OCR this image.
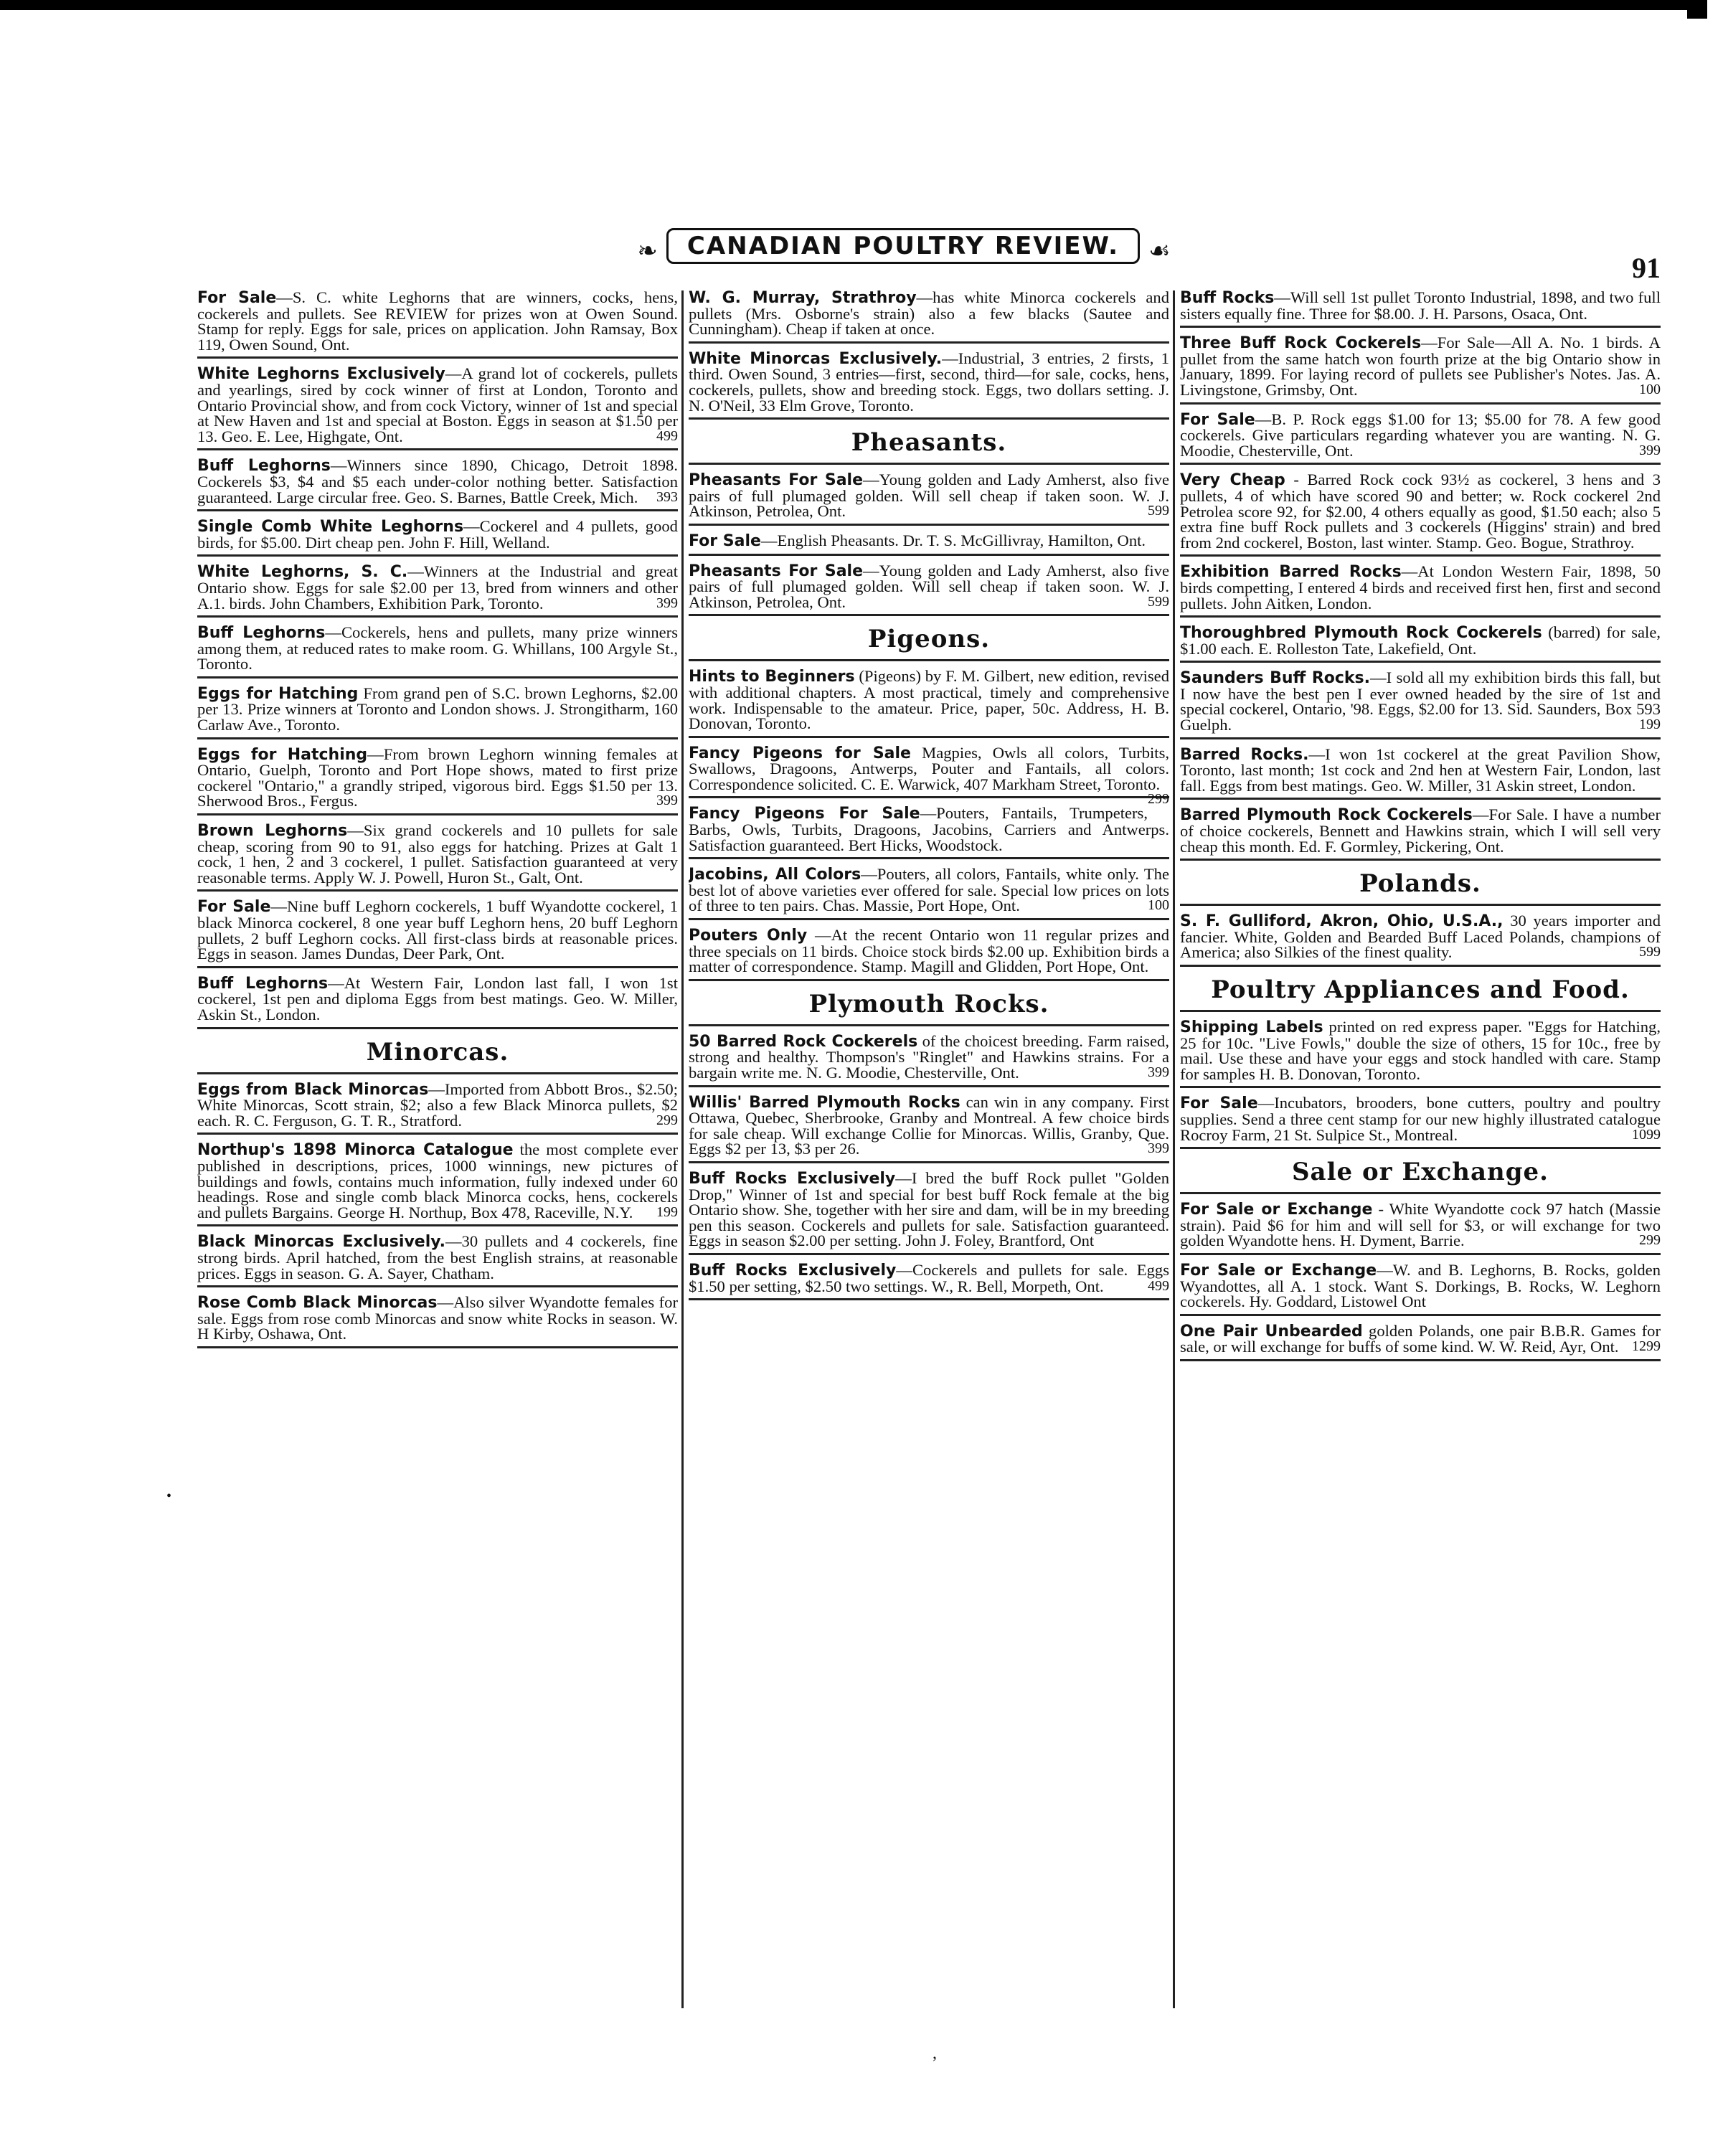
❧ CANADIAN POULTRY REVIEW. ☙
91
For Sale—S. C. white Leghorns that are winners, cocks, hens, cockerels and pullets. See REVIEW for prizes won at Owen Sound. Stamp for reply. Eggs for sale, prices on application. John Ramsay, Box 119, Owen Sound, Ont.
White Leghorns Exclusively—A grand lot of cockerels, pullets and yearlings, sired by cock winner of first at London, Toronto and Ontario Provincial show, and from cock Victory, winner of 1st and special at New Haven and 1st and special at Boston. Eggs in season at $1.50 per 13. Geo. E. Lee, Highgate, Ont.	499
Buff Leghorns—Winners since 1890, Chicago, Detroit 1898. Cockerels $3, $4 and $5 each under-color nothing better. Satisfaction guaranteed. Large circular free. Geo. S. Barnes, Battle Creek, Mich. 393
Single Comb White Leghorns—Cockerel and 4 pullets, good birds, for $5.00. Dirt cheap pen. John F. Hill, Welland.
White Leghorns, S. C.—Winners at the Industrial and great Ontario show. Eggs for sale $2.00 per 13, bred from winners and other A.1. birds. John Chambers, Exhibition Park, Toronto.	399
Buff Leghorns—Cockerels, hens and pullets, many prize winners among them, at reduced rates to make room. G. Whillans, 100 Argyle St., Toronto.
Eggs for Hatching From grand pen of S.C. brown Leghorns, $2.00 per 13. Prize winners at Toronto and London shows. J. Strongitharm, 160 Carlaw Ave., Toronto.
Eggs for Hatching—From brown Leghorn winning females at Ontario, Guelph, Toronto and Port Hope shows, mated to first prize cockerel "Ontario," a grandly striped, vigorous bird. Eggs $1.50 per 13. Sherwood Bros., Fergus.	399
Brown Leghorns—Six grand cockerels and 10 pullets for sale cheap, scoring from 90 to 91, also eggs for hatching. Prizes at Galt 1 cock, 1 hen, 2 and 3 cockerel, 1 pullet. Satisfaction guaranteed at very reasonable terms. Apply W. J. Powell, Huron St., Galt, Ont.
For Sale—Nine buff Leghorn cockerels, 1 buff Wyandotte cockerel, 1 black Minorca cockerel, 8 one year buff Leghorn hens, 20 buff Leghorn pullets, 2 buff Leghorn cocks. All first-class birds at reasonable prices. Eggs in season. James Dundas, Deer Park, Ont.
Buff Leghorns—At Western Fair, London last fall, I won 1st cockerel, 1st pen and diploma Eggs from best matings. Geo. W. Miller, Askin St., London.
Minorcas.
Eggs from Black Minorcas—Imported from Abbott Bros., $2.50; White Minorcas, Scott strain, $2; also a few Black Minorca pullets, $2 each. R. C. Ferguson, G. T. R., Stratford.	299
Northup's 1898 Minorca Catalogue the most complete ever published in descriptions, prices, 1000 winnings, new pictures of buildings and fowls, contains much information, fully indexed under 60 headings. Rose and single comb black Minorca cocks, hens, cockerels and pullets Bargains. George H. Northup, Box 478, Raceville, N.Y. 199
Black Minorcas Exclusively.—30 pullets and 4 cockerels, fine strong birds. April hatched, from the best English strains, at reasonable prices. Eggs in season. G. A. Sayer, Chatham.
Rose Comb Black Minorcas—Also silver Wyandotte females for sale. Eggs from rose comb Minorcas and snow white Rocks in season. W. H Kirby, Oshawa, Ont.
W. G. Murray, Strathroy—has white Minorca cockerels and pullets (Mrs. Osborne's strain) also a few blacks (Sautee and Cunningham). Cheap if taken at once.
White Minorcas Exclusively.—Industrial, 3 entries, 2 firsts, 1 third. Owen Sound, 3 entries—first, second, third—for sale, cocks, hens, cockerels, pullets, show and breeding stock. Eggs, two dollars setting. J. N. O'Neil, 33 Elm Grove, Toronto.
Pheasants.
Pheasants For Sale—Young golden and Lady Amherst, also five pairs of full plumaged golden. Will sell cheap if taken soon. W. J. Atkinson, Petrolea, Ont.	599
For Sale—English Pheasants. Dr. T. S. McGillivray, Hamilton, Ont.
Pheasants For Sale—Young golden and Lady Amherst, also five pairs of full plumaged golden. Will sell cheap if taken soon. W. J. Atkinson, Petrolea, Ont.	599
Pigeons.
Hints to Beginners (Pigeons) by F. M. Gilbert, new edition, revised with additional chapters. A most practical, timely and comprehensive work. Indispensable to the amateur. Price, paper, 50c. Address, H. B. Donovan, Toronto.
Fancy Pigeons for Sale Magpies, Owls all colors, Turbits, Swallows, Dragoons, Antwerps, Pouter and Fantails, all colors. Correspondence solicited. C. E. Warwick, 407 Markham Street, Toronto.
299
Fancy Pigeons For Sale—Pouters, Fantails, Trumpeters, Barbs, Owls, Turbits, Dragoons, Jacobins, Carriers and Antwerps. Satisfaction guaranteed. Bert Hicks, Woodstock.
Jacobins, All Colors—Pouters, all colors, Fantails, white only. The best lot of above varieties ever offered for sale. Special low prices on lots of three to ten pairs. Chas. Massie, Port Hope, Ont.	100
Pouters Only —At the recent Ontario won 11 regular prizes and three specials on 11 birds. Choice stock birds $2.00 up. Exhibition birds a matter of correspondence. Stamp. Magill and Glidden, Port Hope, Ont.
Plymouth Rocks.
50 Barred Rock Cockerels of the choicest breeding. Farm raised, strong and healthy. Thompson's "Ringlet" and Hawkins strains. For a bargain write me. N. G. Moodie, Chesterville, Ont.	399
Willis' Barred Plymouth Rocks can win in any company. First Ottawa, Quebec, Sherbrooke, Granby and Montreal. A few choice birds for sale cheap. Will exchange Collie for Minorcas. Willis, Granby, Que. Eggs $2 per 13, $3 per 26.	399
Buff Rocks Exclusively—I bred the buff Rock pullet "Golden Drop," Winner of 1st and special for best buff Rock female at the big Ontario show. She, together with her sire and dam, will be in my breeding pen this season. Cockerels and pullets for sale. Satisfaction guaranteed. Eggs in season $2.00 per setting. John J. Foley, Brantford, Ont
Buff Rocks Exclusively—Cockerels and pullets for sale. Eggs $1.50 per setting, $2.50 two settings. W., R. Bell, Morpeth, Ont.	499
Buff Rocks—Will sell 1st pullet Toronto Industrial, 1898, and two full sisters equally fine. Three for $8.00. J. H. Parsons, Osaca, Ont.
Three Buff Rock Cockerels—For Sale—All A. No. 1 birds. A pullet from the same hatch won fourth prize at the big Ontario show in January, 1899. For laying record of pullets see Publisher's Notes. Jas. A. Livingstone, Grimsby, Ont.	100
For Sale—B. P. Rock eggs $1.00 for 13; $5.00 for 78. A few good cockerels. Give particulars regarding whatever you are wanting. N. G. Moodie, Chesterville, Ont.	399
Very Cheap - Barred Rock cock 93½ as cockerel, 3 hens and 3 pullets, 4 of which have scored 90 and better; w. Rock cockerel 2nd Petrolea score 92, for $2.00, 4 others equally as good, $1.50 each; also 5 extra fine buff Rock pullets and 3 cockerels (Higgins' strain) and bred from 2nd cockerel, Boston, last winter. Stamp. Geo. Bogue, Strathroy.
Exhibition Barred Rocks—At London Western Fair, 1898, 50 birds competting, I entered 4 birds and received first hen, first and second pullets. John Aitken, London.
Thoroughbred Plymouth Rock Cockerels (barred) for sale, $1.00 each. E. Rolleston Tate, Lakefield, Ont.
Saunders Buff Rocks.—I sold all my exhibition birds this fall, but I now have the best pen I ever owned headed by the sire of 1st and special cockerel, Ontario, '98. Eggs, $2.00 for 13. Sid. Saunders, Box 593 Guelph.	199
Barred Rocks.—I won 1st cockerel at the great Pavilion Show, Toronto, last month; 1st cock and 2nd hen at Western Fair, London, last fall. Eggs from best matings. Geo. W. Miller, 31 Askin street, London.
Barred Plymouth Rock Cockerels—For Sale. I have a number of choice cockerels, Bennett and Hawkins strain, which I will sell very cheap this month. Ed. F. Gormley, Pickering, Ont.
Polands.
S. F. Gulliford, Akron, Ohio, U.S.A., 30 years importer and fancier. White, Golden and Bearded Buff Laced Polands, champions of America; also Silkies of the finest quality.	599
Poultry Appliances and Food.
Shipping Labels printed on red express paper. "Eggs for Hatching, 25 for 10c. "Live Fowls," double the size of others, 15 for 10c., free by mail. Use these and have your eggs and stock handled with care. Stamp for samples H. B. Donovan, Toronto.
For Sale—Incubators, brooders, bone cutters, poultry and poultry supplies. Send a three cent stamp for our new highly illustrated catalogue Rocroy Farm, 21 St. Sulpice St., Montreal.	1099
Sale or Exchange.
For Sale or Exchange - White Wyandotte cock 97 hatch (Massie strain). Paid $6 for him and will sell for $3, or will exchange for two golden Wyandotte hens. H. Dyment, Barrie.	299
For Sale or Exchange—W. and B. Leghorns, B. Rocks, golden Wyandottes, all A. 1 stock. Want S. Dorkings, B. Rocks, W. Leghorn cockerels. Hy. Goddard, Listowel Ont
One Pair Unbearded golden Polands, one pair B.B.R. Games for sale, or will exchange for buffs of some kind. W. W. Reid, Ayr, Ont. 1299
•
,
